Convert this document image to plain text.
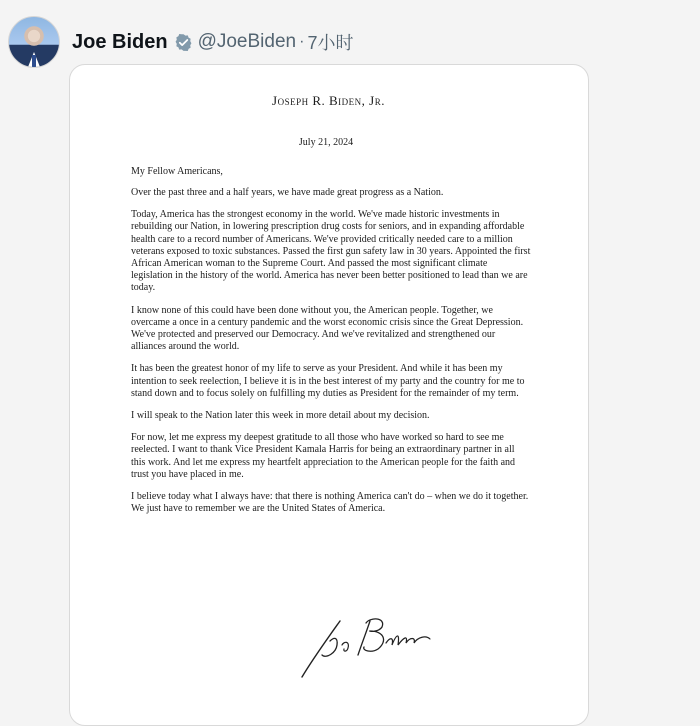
Joe Biden @JoeBiden · 7小时
Joseph R. Biden, Jr.
July 21, 2024
My Fellow Americans,
Over the past three and a half years, we have made great progress as a Nation.
Today, America has the strongest economy in the world. We've made historic investments in rebuilding our Nation, in lowering prescription drug costs for seniors, and in expanding affordable health care to a record number of Americans. We've provided critically needed care to a million veterans exposed to toxic substances. Passed the first gun safety law in 30 years. Appointed the first African American woman to the Supreme Court. And passed the most significant climate legislation in the history of the world. America has never been better positioned to lead than we are today.
I know none of this could have been done without you, the American people. Together, we overcame a once in a century pandemic and the worst economic crisis since the Great Depression. We've protected and preserved our Democracy. And we've revitalized and strengthened our alliances around the world.
It has been the greatest honor of my life to serve as your President. And while it has been my intention to seek reelection, I believe it is in the best interest of my party and the country for me to stand down and to focus solely on fulfilling my duties as President for the remainder of my term.
I will speak to the Nation later this week in more detail about my decision.
For now, let me express my deepest gratitude to all those who have worked so hard to see me reelected. I want to thank Vice President Kamala Harris for being an extraordinary partner in all this work. And let me express my heartfelt appreciation to the American people for the faith and trust you have placed in me.
I believe today what I always have: that there is nothing America can't do – when we do it together. We just have to remember we are the United States of America.
